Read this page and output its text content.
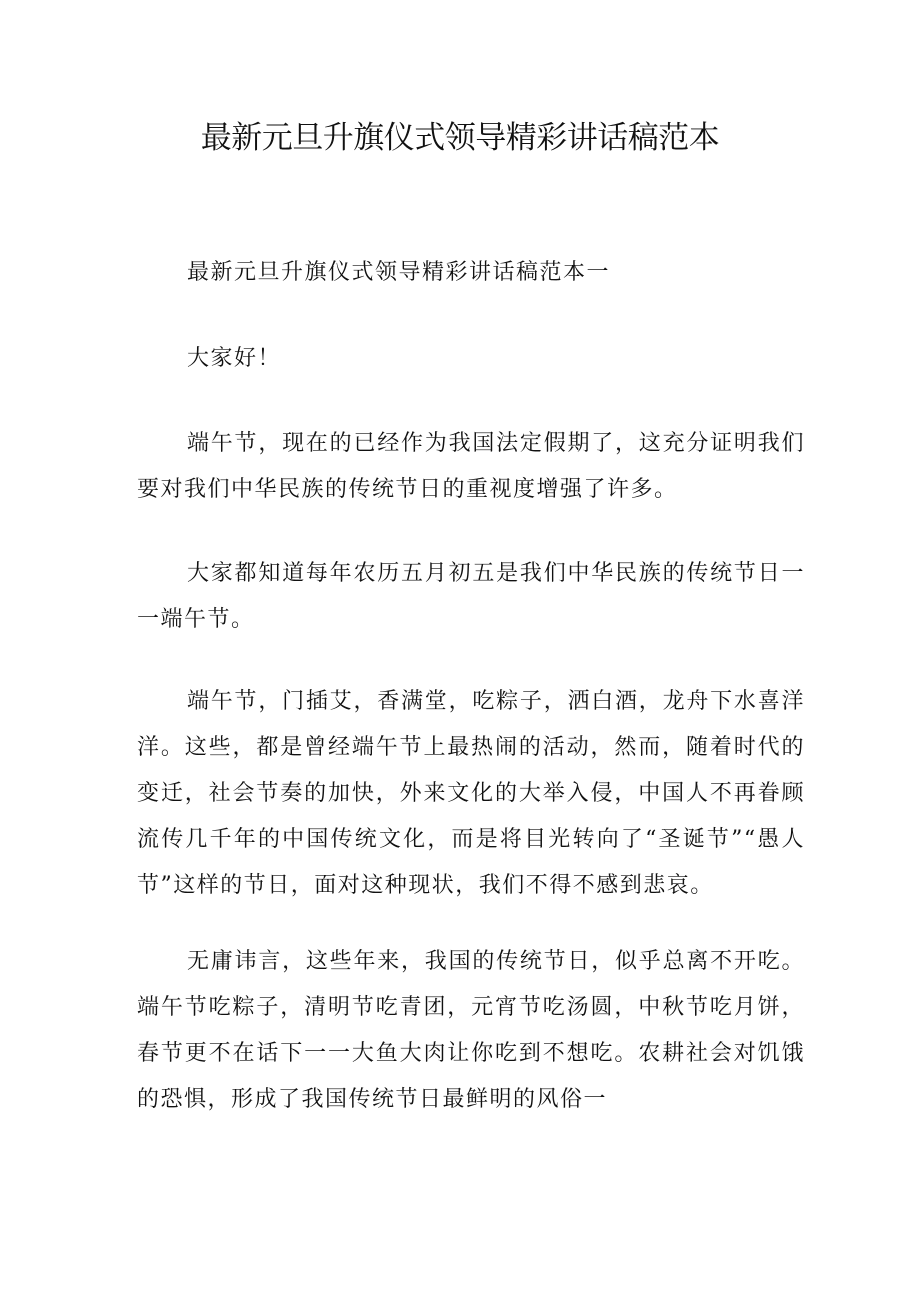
最新元旦升旗仪式领导精彩讲话稿范本

最新元旦升旗仪式领导精彩讲话稿范本一

大家好！

端午节，现在的已经作为我国法定假期了，这充分证明我们要对我们中华民族的传统节日的重视度增强了许多。

大家都知道每年农历五月初五是我们中华民族的传统节日一一端午节。

端午节，门插艾，香满堂，吃粽子，洒白酒，龙舟下水喜洋洋。这些，都是曾经端午节上最热闹的活动，然而，随着时代的变迁，社会节奏的加快，外来文化的大举入侵，中国人不再眷顾流传几千年的中国传统文化，而是将目光转向了“圣诞节”“愚人节”这样的节日，面对这种现状，我们不得不感到悲哀。

无庸讳言，这些年来，我国的传统节日，似乎总离不开吃。端午节吃粽子，清明节吃青团，元宵节吃汤圆，中秋节吃月饼，春节更不在话下一一大鱼大肉让你吃到不想吃。农耕社会对饥饿的恐惧，形成了我国传统节日最鲜明的风俗一
